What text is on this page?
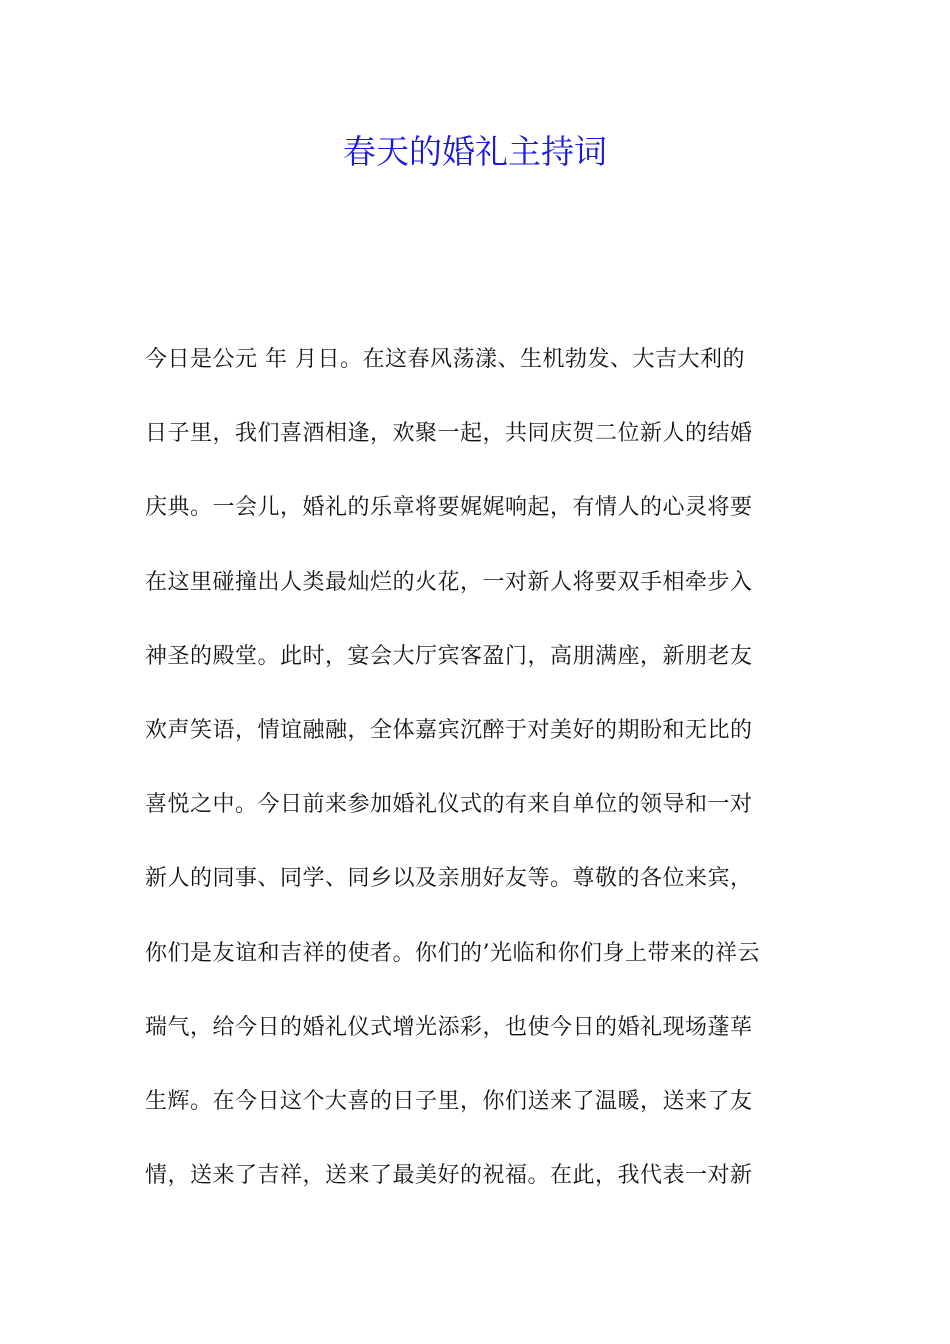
春天的婚礼主持词
今日是公元 年 月日。在这春风荡漾、生机勃发、大吉大利的
日子里，我们喜酒相逢，欢聚一起，共同庆贺二位新人的结婚
庆典。一会儿，婚礼的乐章将要娓娓响起，有情人的心灵将要
在这里碰撞出人类最灿烂的火花，一对新人将要双手相牵步入
神圣的殿堂。此时，宴会大厅宾客盈门，高朋满座，新朋老友
欢声笑语，情谊融融，全体嘉宾沉醉于对美好的期盼和无比的
喜悦之中。今日前来参加婚礼仪式的有来自单位的领导和一对
新人的同事、同学、同乡以及亲朋好友等。尊敬的各位来宾，
你们是友谊和吉祥的使者。你们的’光临和你们身上带来的祥云
瑞气，给今日的婚礼仪式增光添彩，也使今日的婚礼现场蓬荜
生辉。在今日这个大喜的日子里，你们送来了温暖，送来了友
情，送来了吉祥，送来了最美好的祝福。在此，我代表一对新
